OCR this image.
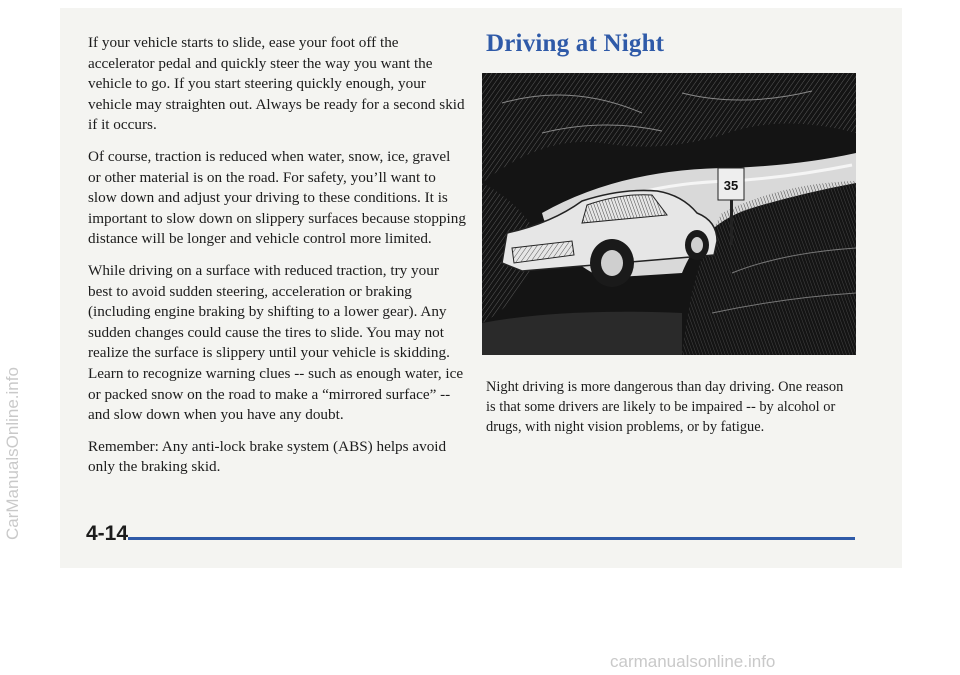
If your vehicle starts to slide, ease your foot off the accelerator pedal and quickly steer the way you want the vehicle to go. If you start steering quickly enough, your vehicle may straighten out. Always be ready for a second skid if it occurs.

Of course, traction is reduced when water, snow, ice, gravel or other material is on the road. For safety, you’ll want to slow down and adjust your driving to these conditions. It is important to slow down on slippery surfaces because stopping distance will be longer and vehicle control more limited.

While driving on a surface with reduced traction, try your best to avoid sudden steering, acceleration or braking (including engine braking by shifting to a lower gear). Any sudden changes could cause the tires to slide. You may not realize the surface is slippery until your vehicle is skidding. Learn to recognize warning clues -- such as enough water, ice or packed snow on the road to make a “mirrored surface” -- and slow down when you have any doubt.

Remember: Any anti-lock brake system (ABS) helps avoid only the braking skid.

Driving at Night
35

Night driving is more dangerous than day driving. One reason is that some drivers are likely to be impaired -- by alcohol or drugs, with night vision problems, or by fatigue.

4-14
CarManualsOnline.info
carmanualsonline.info
